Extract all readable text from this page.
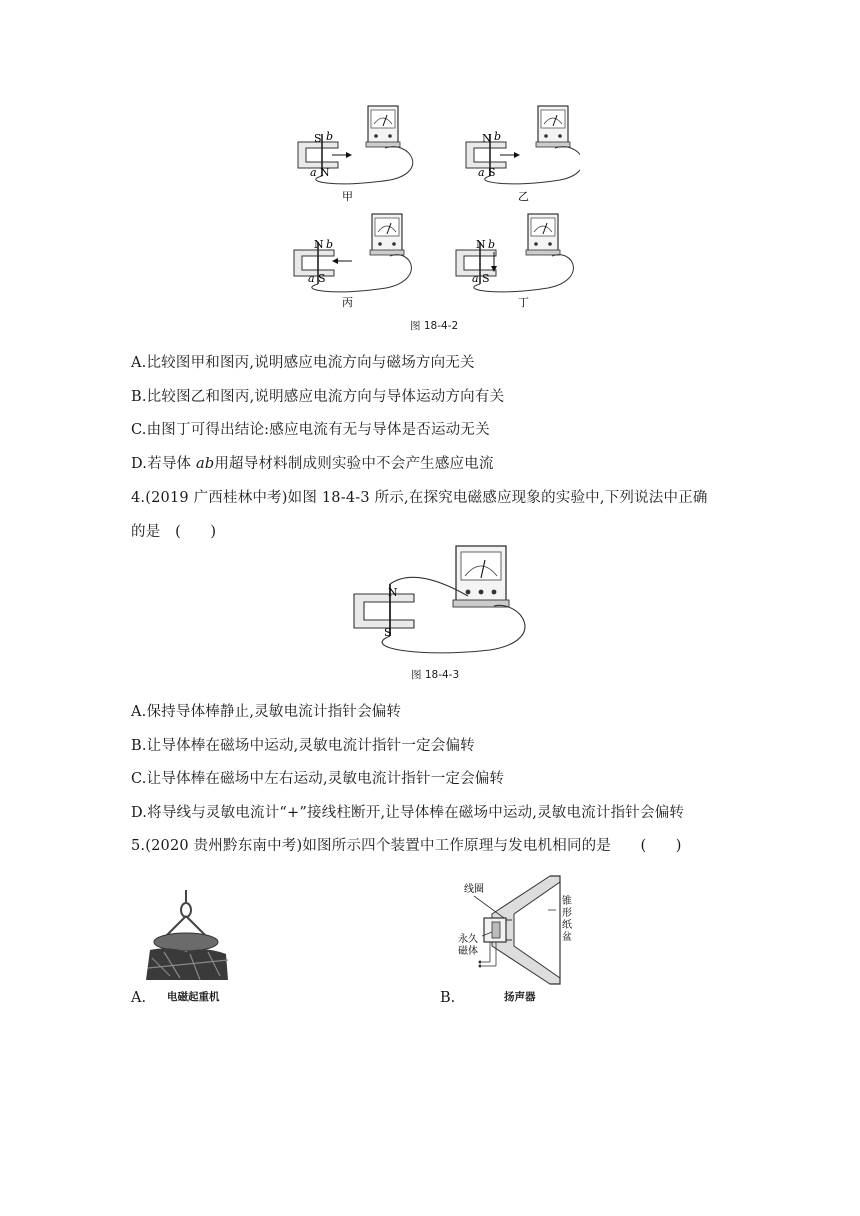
S b
a N
甲
N b
a S
乙
N b
a S
丙
N b
a S
丁
图 18-4-2
A.比较图甲和图丙,说明感应电流方向与磁场方向无关
B.比较图乙和图丙,说明感应电流方向与导体运动方向有关
C.由图丁可得出结论:感应电流有无与导体是否运动无关
D.若导体 ab用超导材料制成则实验中不会产生感应电流
4.(2019 广西桂林中考)如图 18-4-3 所示,在探究电磁感应现象的实验中,下列说法中正确
的是　(　　)
N
S
图 18-4-3
A.保持导体棒静止,灵敏电流计指针会偏转
B.让导体棒在磁场中运动,灵敏电流计指针一定会偏转
C.让导体棒在磁场中左右运动,灵敏电流计指针一定会偏转
D.将导线与灵敏电流计“+”接线柱断开,让导体棒在磁场中运动,灵敏电流计指针会偏转
5.(2020 贵州黔东南中考)如图所示四个装置中工作原理与发电机相同的是　　(　　)
A. 电磁起重机
线圈
锥
形
纸
盆
永久
磁体
B.	扬声器
